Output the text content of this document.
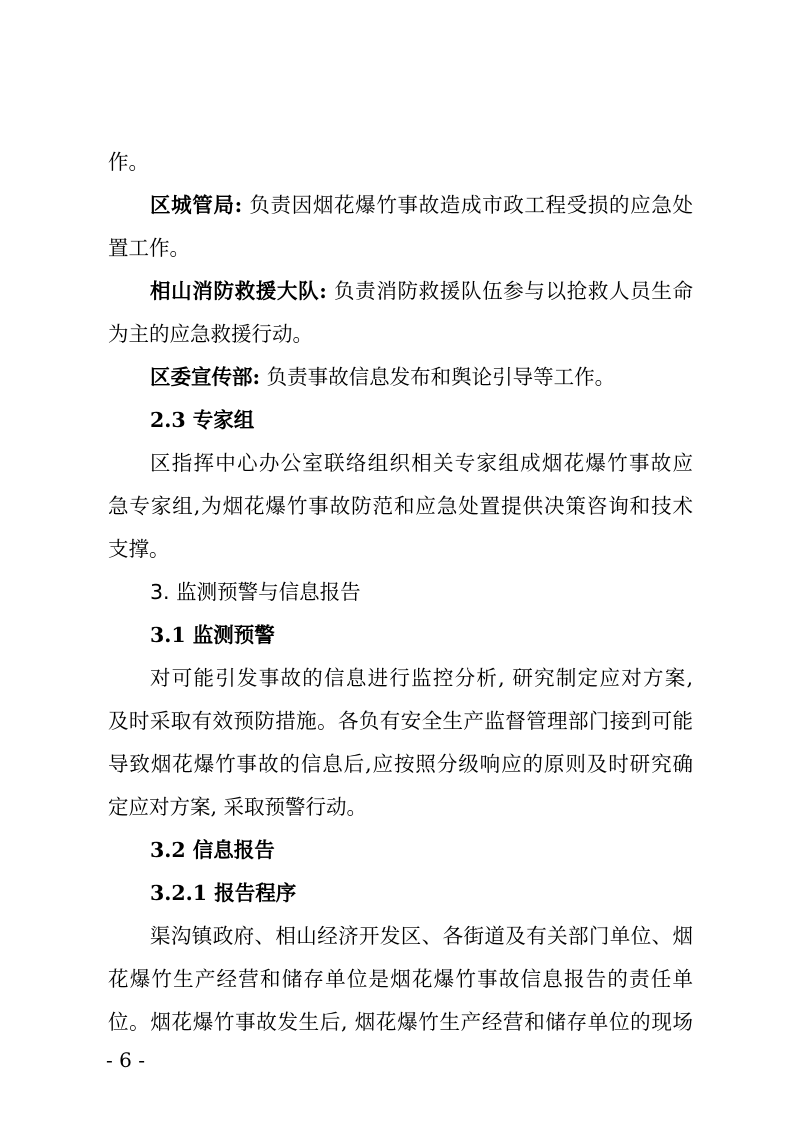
作。
区城管局: 负责因烟花爆竹事故造成市政工程受损的应急处
置工作。
相山消防救援大队: 负责消防救援队伍参与以抢救人员生命
为主的应急救援行动。
区委宣传部: 负责事故信息发布和舆论引导等工作。
2.3 专家组
区指挥中心办公室联络组织相关专家组成烟花爆竹事故应
急专家组,为烟花爆竹事故防范和应急处置提供决策咨询和技术
支撑。
3. 监测预警与信息报告
3.1 监测预警
对可能引发事故的信息进行监控分析, 研究制定应对方案,
及时采取有效预防措施。各负有安全生产监督管理部门接到可能
导致烟花爆竹事故的信息后,应按照分级响应的原则及时研究确
定应对方案, 采取预警行动。
3.2 信息报告
3.2.1 报告程序
渠沟镇政府、相山经济开发区、各街道及有关部门单位、烟
花爆竹生产经营和储存单位是烟花爆竹事故信息报告的责任单
位。烟花爆竹事故发生后, 烟花爆竹生产经营和储存单位的现场
- 6 -
